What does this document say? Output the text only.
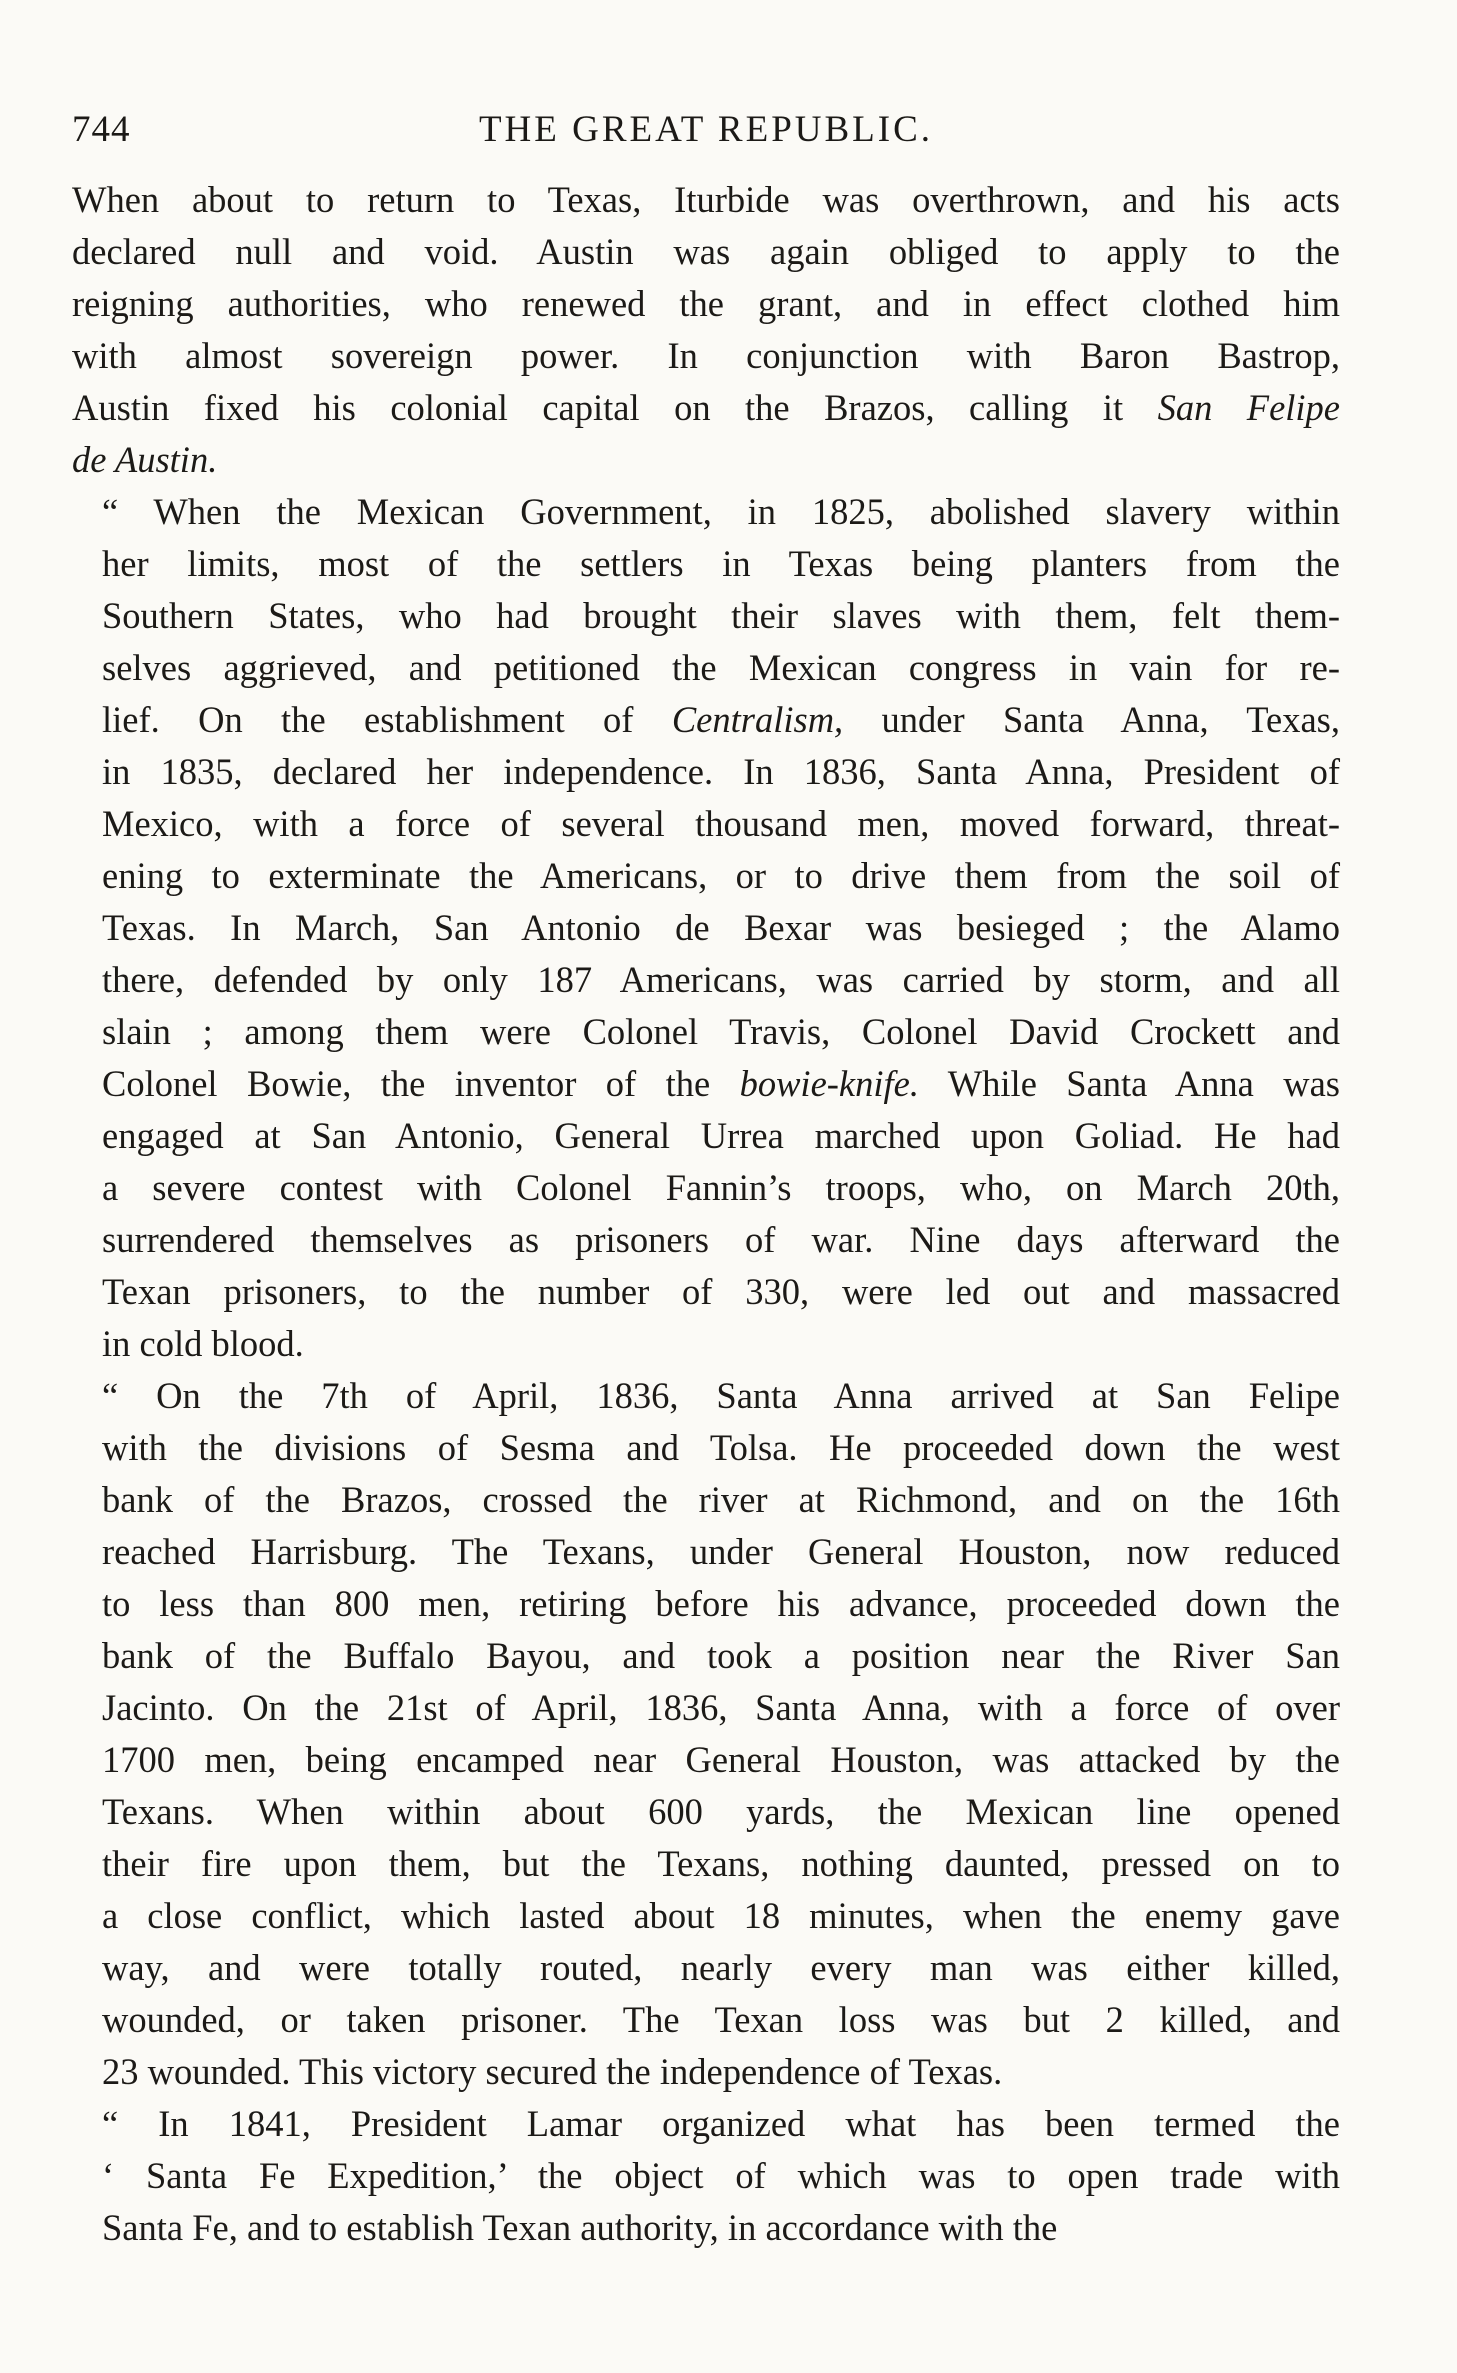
744	THE GREAT REPUBLIC.
When about to return to Texas, Iturbide was overthrown, and his acts
declared null and void. Austin was again obliged to apply to the
reigning authorities, who renewed the grant, and in effect clothed him
with almost sovereign power. In conjunction with Baron Bastrop,
Austin fixed his colonial capital on the Brazos, calling it San Felipe
de Austin.
“ When the Mexican Government, in 1825, abolished slavery within
her limits, most of the settlers in Texas being planters from the
Southern States, who had brought their slaves with them, felt them-
selves aggrieved, and petitioned the Mexican congress in vain for re-
lief. On the establishment of Centralism, under Santa Anna, Texas,
in 1835, declared her independence. In 1836, Santa Anna, President of
Mexico, with a force of several thousand men, moved forward, threat-
ening to exterminate the Americans, or to drive them from the soil of
Texas. In March, San Antonio de Bexar was besieged ; the Alamo
there, defended by only 187 Americans, was carried by storm, and all
slain ; among them were Colonel Travis, Colonel David Crockett and
Colonel Bowie, the inventor of the bowie-knife. While Santa Anna was
engaged at San Antonio, General Urrea marched upon Goliad. He had
a severe contest with Colonel Fannin’s troops, who, on March 20th,
surrendered themselves as prisoners of war. Nine days afterward the
Texan prisoners, to the number of 330, were led out and massacred
in cold blood.
“ On the 7th of April, 1836, Santa Anna arrived at San Felipe
with the divisions of Sesma and Tolsa. He proceeded down the west
bank of the Brazos, crossed the river at Richmond, and on the 16th
reached Harrisburg. The Texans, under General Houston, now reduced
to less than 800 men, retiring before his advance, proceeded down the
bank of the Buffalo Bayou, and took a position near the River San
Jacinto. On the 21st of April, 1836, Santa Anna, with a force of over
1700 men, being encamped near General Houston, was attacked by the
Texans. When within about 600 yards, the Mexican line opened
their fire upon them, but the Texans, nothing daunted, pressed on to
a close conflict, which lasted about 18 minutes, when the enemy gave
way, and were totally routed, nearly every man was either killed,
wounded, or taken prisoner. The Texan loss was but 2 killed, and
23 wounded. This victory secured the independence of Texas.
“ In 1841, President Lamar organized what has been termed the
‘ Santa Fe Expedition,’ the object of which was to open trade with
Santa Fe, and to establish Texan authority, in accordance with the
